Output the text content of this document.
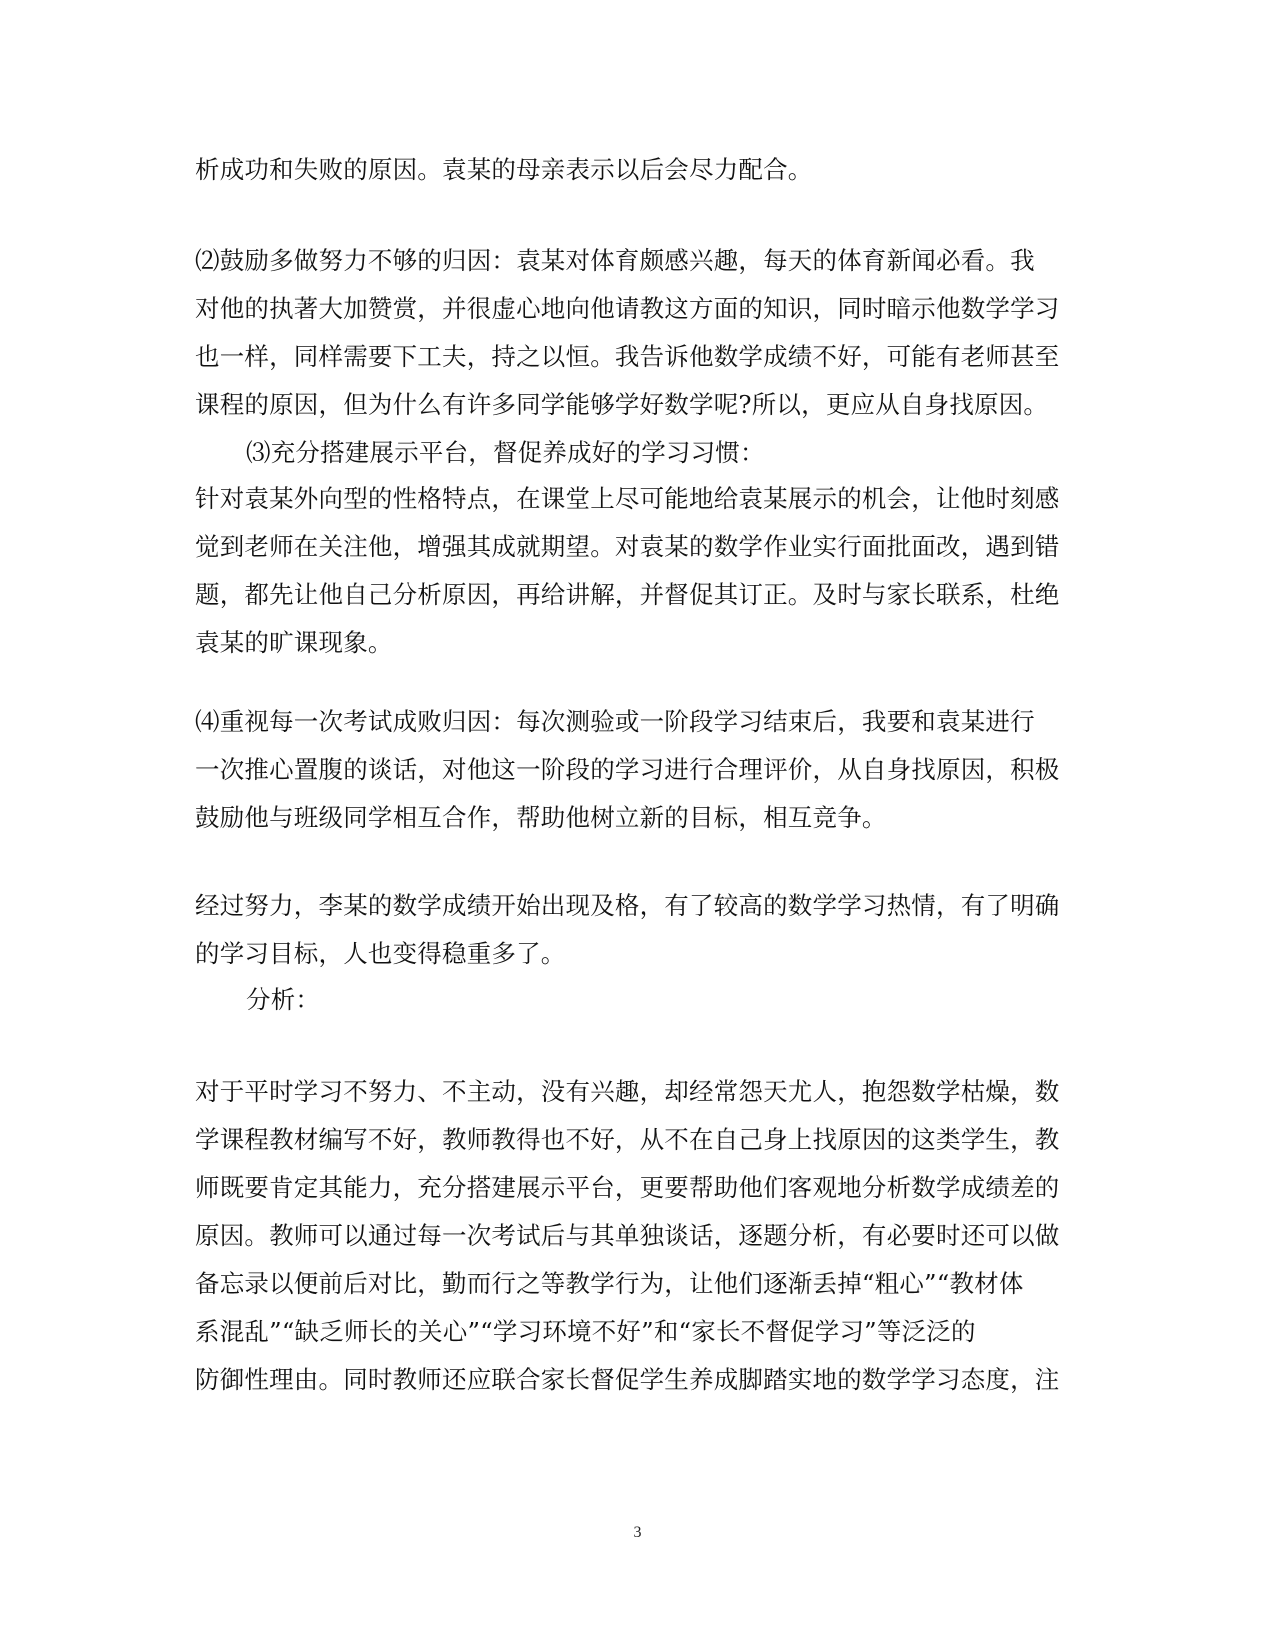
析成功和失败的原因。袁某的母亲表示以后会尽力配合。
⑵鼓励多做努力不够的归因：袁某对体育颇感兴趣，每天的体育新闻必看。我
对他的执著大加赞赏，并很虚心地向他请教这方面的知识，同时暗示他数学学习
也一样，同样需要下工夫，持之以恒。我告诉他数学成绩不好，可能有老师甚至
课程的原因，但为什么有许多同学能够学好数学呢?所以，更应从自身找原因。
⑶充分搭建展示平台，督促养成好的学习习惯：
针对袁某外向型的性格特点，在课堂上尽可能地给袁某展示的机会，让他时刻感
觉到老师在关注他，增强其成就期望。对袁某的数学作业实行面批面改，遇到错
题，都先让他自己分析原因，再给讲解，并督促其订正。及时与家长联系，杜绝
袁某的旷课现象。
⑷重视每一次考试成败归因：每次测验或一阶段学习结束后，我要和袁某进行
一次推心置腹的谈话，对他这一阶段的学习进行合理评价，从自身找原因，积极
鼓励他与班级同学相互合作，帮助他树立新的目标，相互竞争。
经过努力，李某的数学成绩开始出现及格，有了较高的数学学习热情，有了明确
的学习目标，人也变得稳重多了。
分析：
对于平时学习不努力、不主动，没有兴趣，却经常怨天尤人，抱怨数学枯燥，数
学课程教材编写不好，教师教得也不好，从不在自己身上找原因的这类学生，教
师既要肯定其能力，充分搭建展示平台，更要帮助他们客观地分析数学成绩差的
原因。教师可以通过每一次考试后与其单独谈话，逐题分析，有必要时还可以做
备忘录以便前后对比，勤而行之等教学行为，让他们逐渐丢掉“粗心”“教材体
系混乱”“缺乏师长的关心”“学习环境不好”和“家长不督促学习”等泛泛的
防御性理由。同时教师还应联合家长督促学生养成脚踏实地的数学学习态度，注
3
